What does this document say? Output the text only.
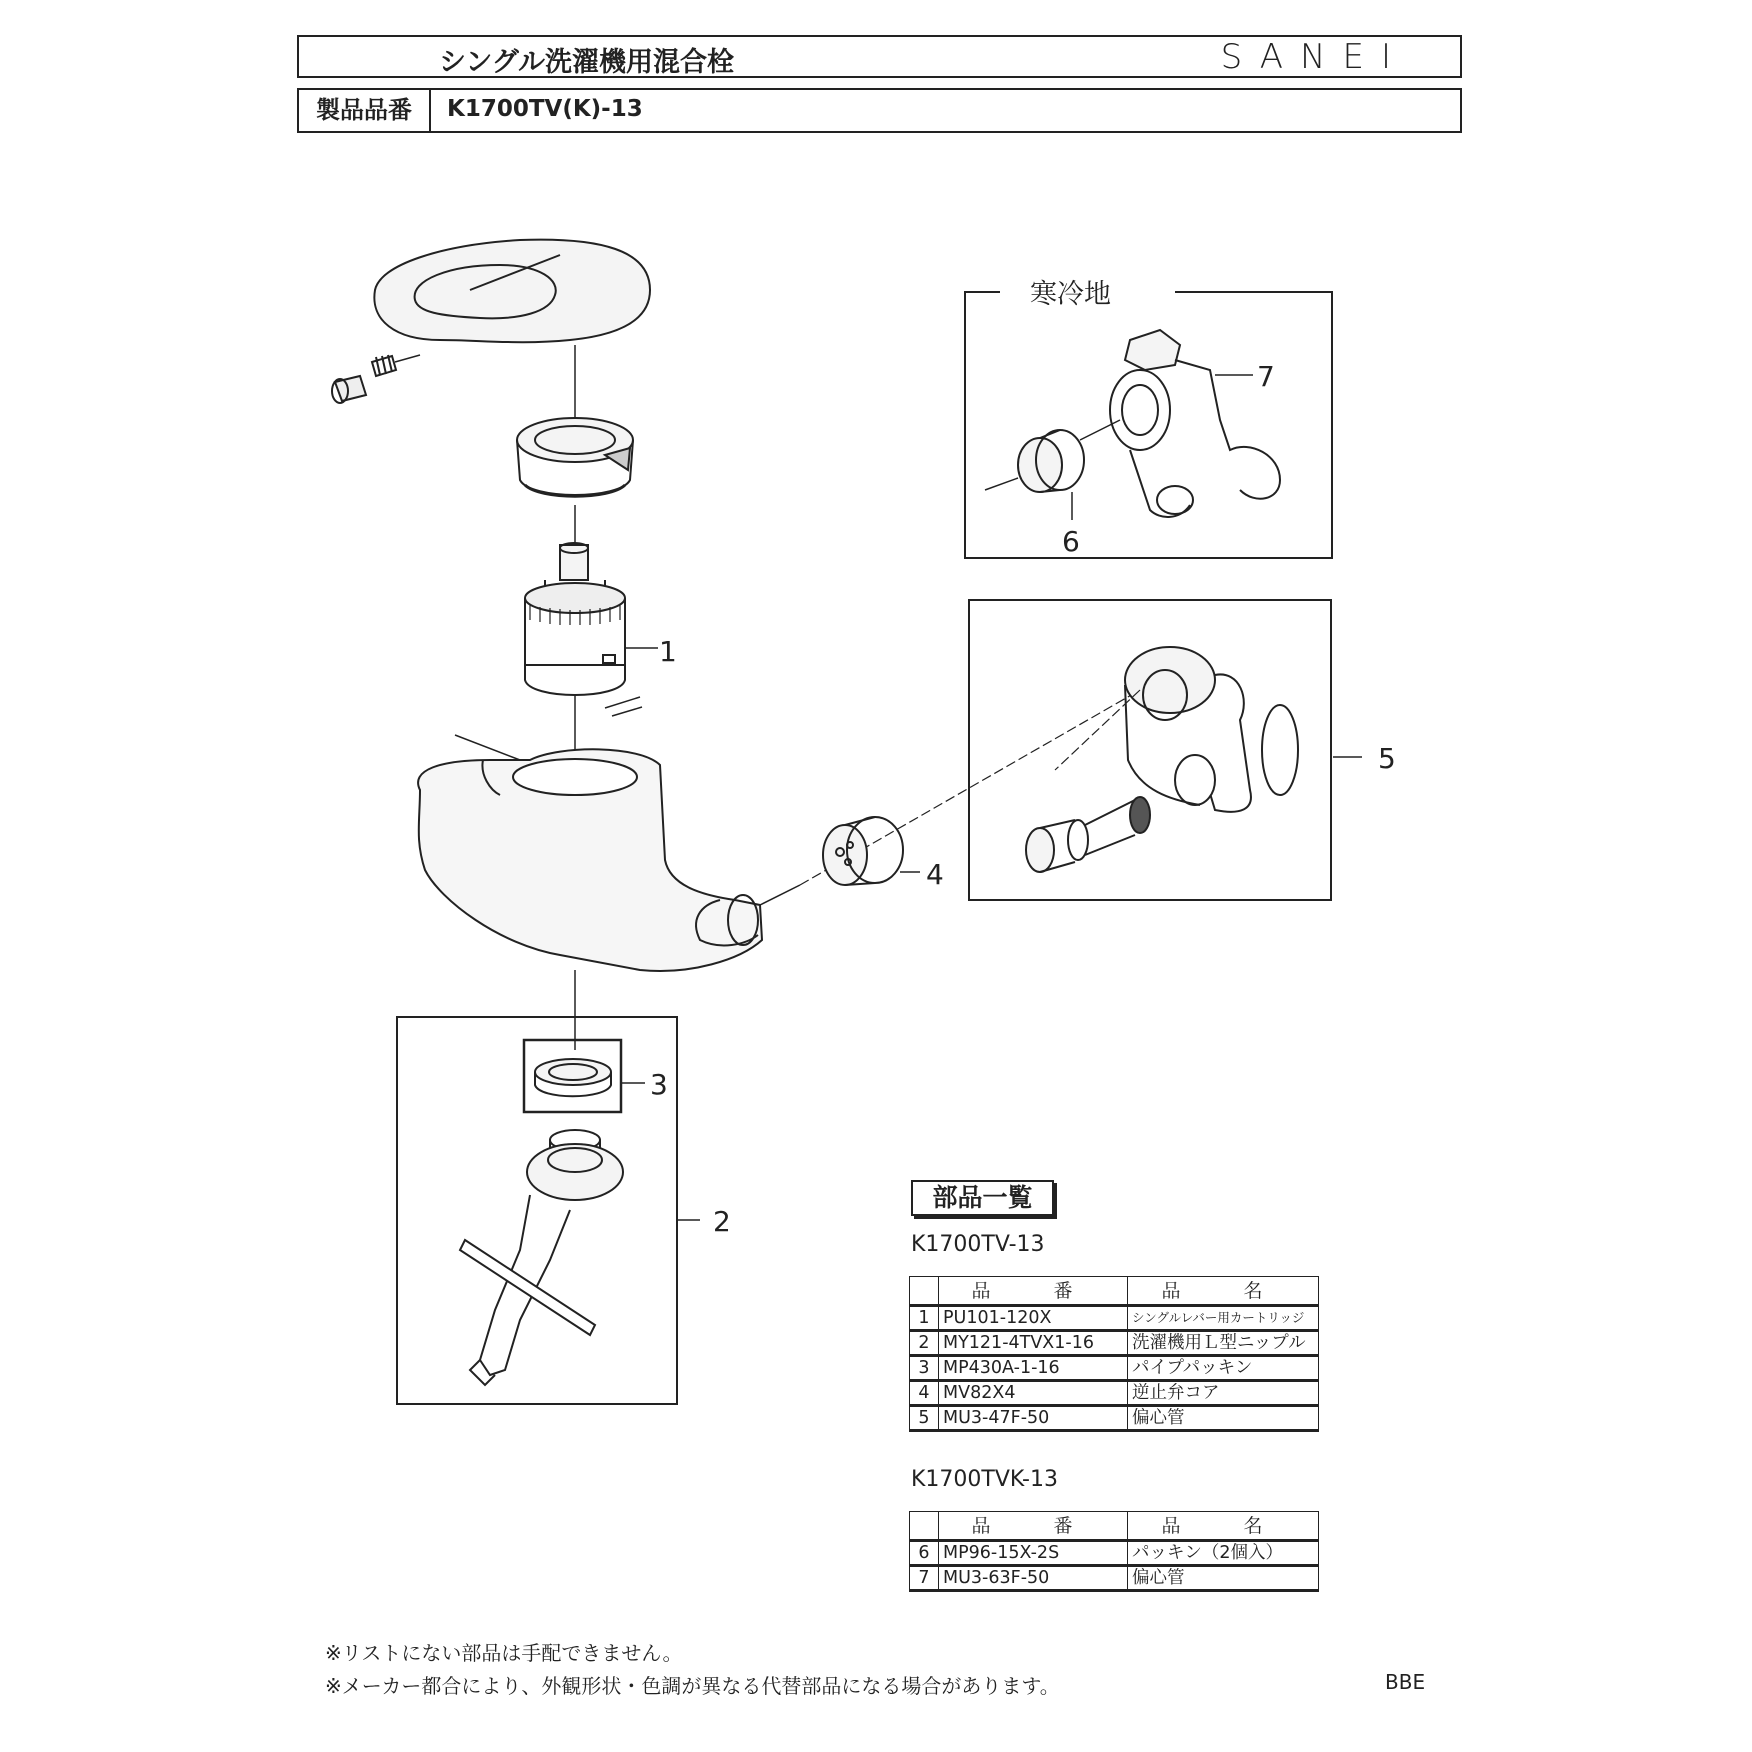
シングル洗濯機用混合栓	SANEI
製品品番	K1700TV(K)-13
寒冷地
1
2
3
4
5
6
7
部品一覧
K1700TV-13
	品　番	品　名
1	PU101-120X	シングルレバー用カートリッジ
2	MY121-4TVX1-16	洗濯機用Ｌ型ニップル
3	MP430A-1-16	パイプパッキン
4	MV82X4	逆止弁コア
5	MU3-47F-50	偏心管
K1700TVK-13
	品　番	品　名
6	MP96-15X-2S	パッキン（2個入）
7	MU3-63F-50	偏心管
※リストにない部品は手配できません。
※メーカー都合により、外観形状・色調が異なる代替部品になる場合があります。	BBE
